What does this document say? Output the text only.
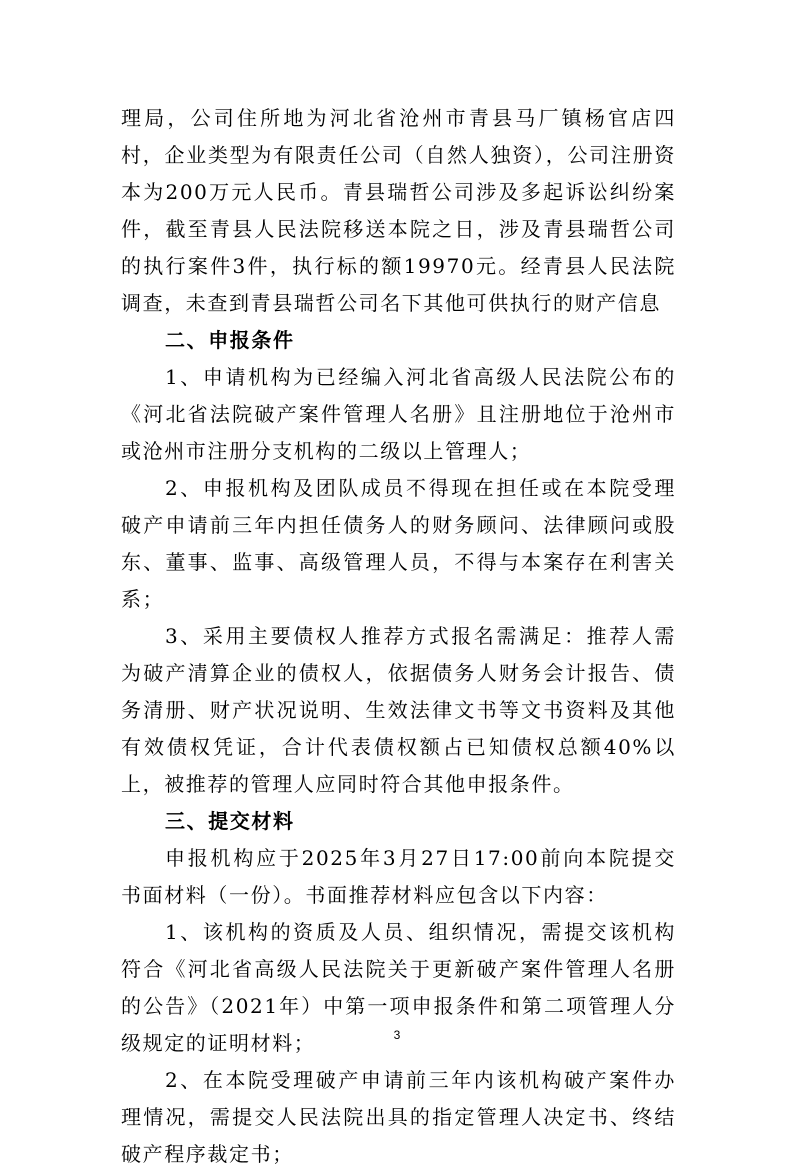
理局，公司住所地为河北省沧州市青县马厂镇杨官店四村，企业类型为有限责任公司（自然人独资），公司注册资本为200万元人民币。青县瑞哲公司涉及多起诉讼纠纷案件，截至青县人民法院移送本院之日，涉及青县瑞哲公司的执行案件3件，执行标的额19970元。经青县人民法院调查，未查到青县瑞哲公司名下其他可供执行的财产信息

二、申报条件

1、申请机构为已经编入河北省高级人民法院公布的《河北省法院破产案件管理人名册》且注册地位于沧州市或沧州市注册分支机构的二级以上管理人；

2、申报机构及团队成员不得现在担任或在本院受理破产申请前三年内担任债务人的财务顾问、法律顾问或股东、董事、监事、高级管理人员，不得与本案存在利害关系；

3、采用主要债权人推荐方式报名需满足：推荐人需为破产清算企业的债权人，依据债务人财务会计报告、债务清册、财产状况说明、生效法律文书等文书资料及其他有效债权凭证，合计代表债权额占已知债权总额40%以上，被推荐的管理人应同时符合其他申报条件。

三、提交材料

申报机构应于2025年3月27日17:00前向本院提交书面材料（一份）。书面推荐材料应包含以下内容：

1、该机构的资质及人员、组织情况，需提交该机构符合《河北省高级人民法院关于更新破产案件管理人名册的公告》（2021年）中第一项申报条件和第二项管理人分级规定的证明材料；

2、在本院受理破产申请前三年内该机构破产案件办理情况，需提交人民法院出具的指定管理人决定书、终结破产程序裁定书；

3
